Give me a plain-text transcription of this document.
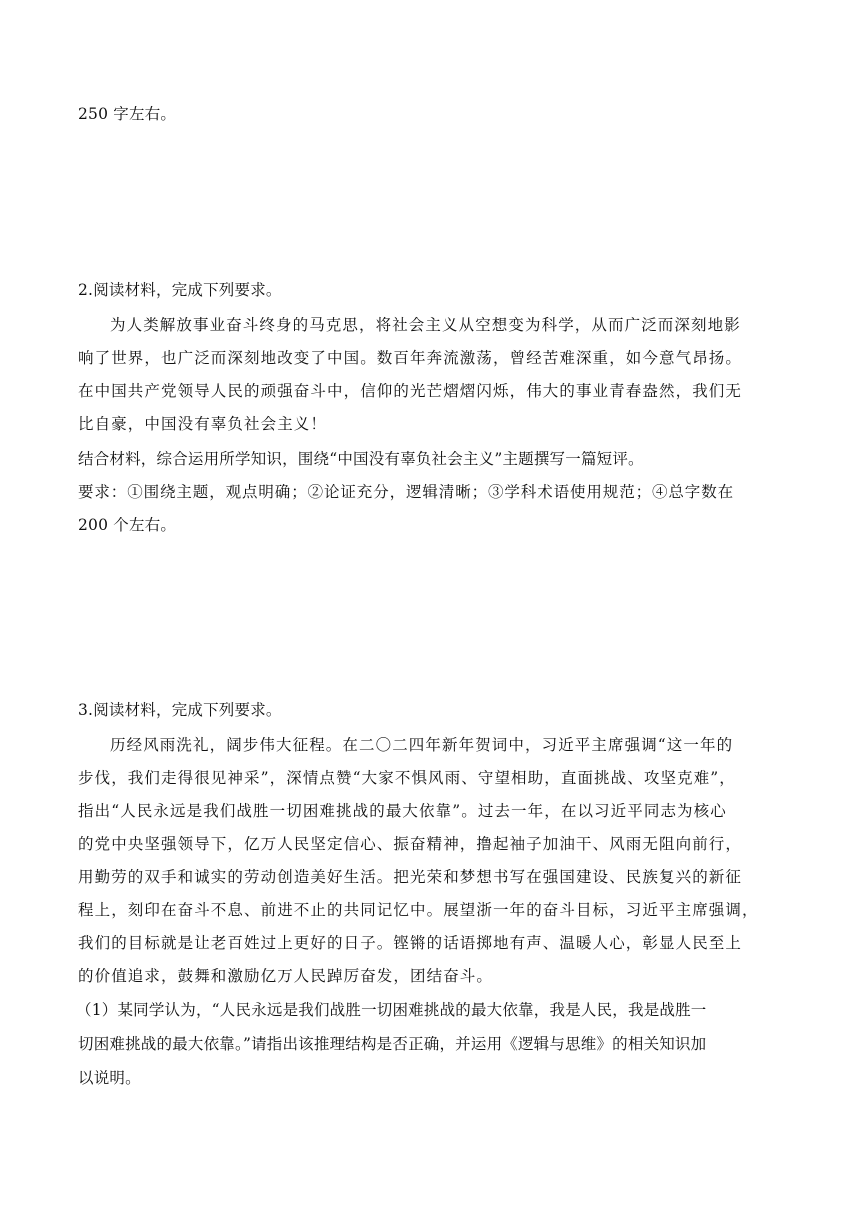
250 字左右。
2.阅读材料，完成下列要求。
为人类解放事业奋斗终身的马克思，将社会主义从空想变为科学，从而广泛而深刻地影
响了世界，也广泛而深刻地改变了中国。数百年奔流激荡，曾经苦难深重，如今意气昂扬。
在中国共产党领导人民的顽强奋斗中，信仰的光芒熠熠闪烁，伟大的事业青春盎然，我们无
比自豪，中国没有辜负社会主义！
结合材料，综合运用所学知识，围绕“中国没有辜负社会主义”主题撰写一篇短评。
要求：①围绕主题，观点明确；②论证充分，逻辑清晰；③学科术语使用规范；④总字数在
200 个左右。
3.阅读材料，完成下列要求。
历经风雨洗礼，阔步伟大征程。在二〇二四年新年贺词中，习近平主席强调“这一年的
步伐，我们走得很见神采”，深情点赞“大家不惧风雨、守望相助，直面挑战、攻坚克难”，
指出“人民永远是我们战胜一切困难挑战的最大依靠”。过去一年，在以习近平同志为核心
的党中央坚强领导下，亿万人民坚定信心、振奋精神，撸起袖子加油干、风雨无阻向前行，
用勤劳的双手和诚实的劳动创造美好生活。把光荣和梦想书写在强国建设、民族复兴的新征
程上，刻印在奋斗不息、前进不止的共同记忆中。展望浙一年的奋斗目标，习近平主席强调，
我们的目标就是让老百姓过上更好的日子。铿锵的话语掷地有声、温暖人心，彰显人民至上
的价值追求，鼓舞和激励亿万人民踔厉奋发，团结奋斗。
（1）某同学认为，“人民永远是我们战胜一切困难挑战的最大依靠，我是人民，我是战胜一
切困难挑战的最大依靠。”请指出该推理结构是否正确，并运用《逻辑与思维》的相关知识加
以说明。
